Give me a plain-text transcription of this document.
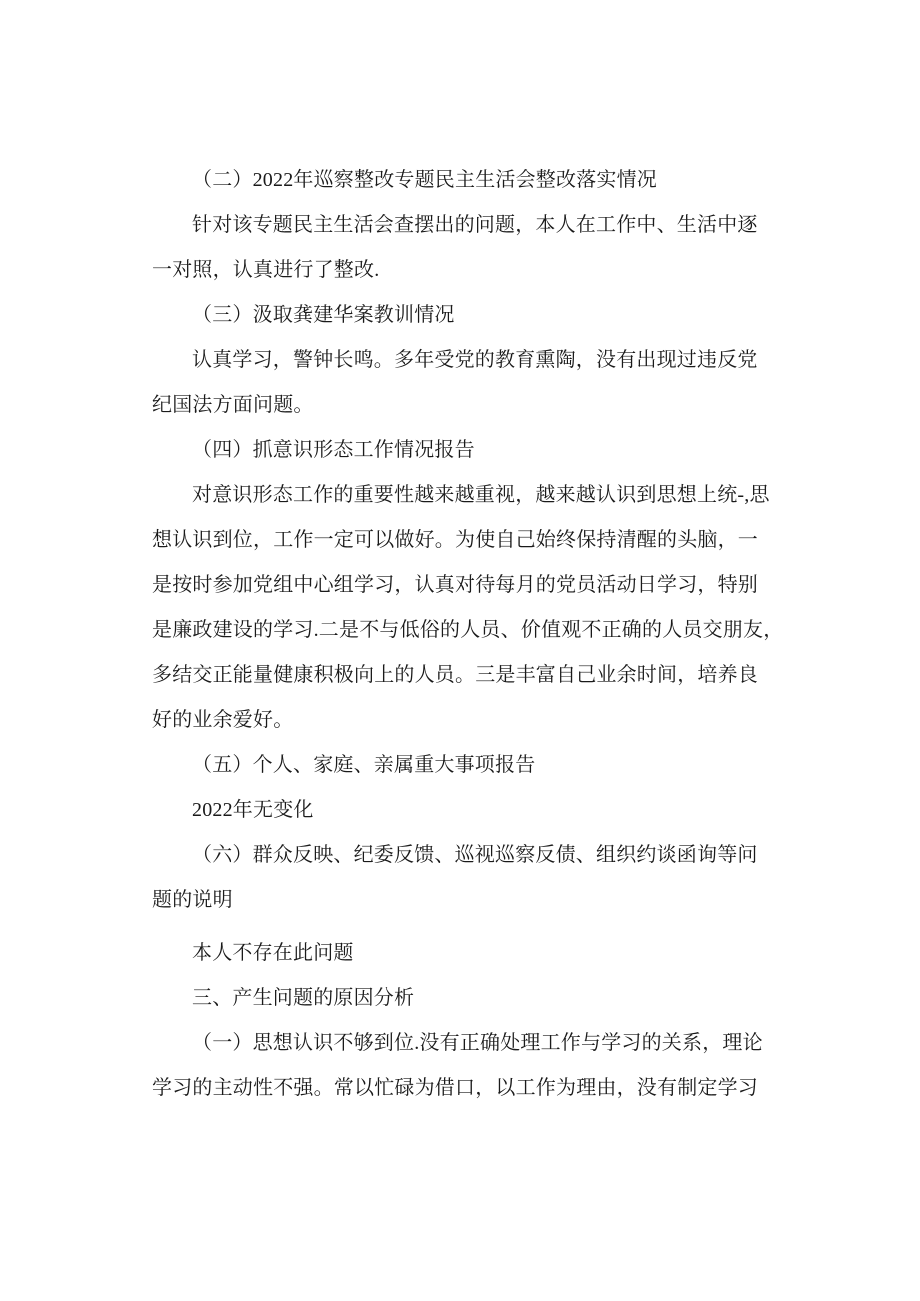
（二）2022年巡察整改专题民主生活会整改落实情况
针对该专题民主生活会查摆出的问题，本人在工作中、生活中逐
一对照，认真进行了整改.
（三）汲取龚建华案教训情况
认真学习，警钟长鸣。多年受党的教育熏陶，没有出现过违反党
纪国法方面问题。
（四）抓意识形态工作情况报告
对意识形态工作的重要性越来越重视，越来越认识到思想上统-,思
想认识到位，工作一定可以做好。为使自己始终保持清醒的头脑，一
是按时参加党组中心组学习，认真对待每月的党员活动日学习，特别
是廉政建设的学习.二是不与低俗的人员、价值观不正确的人员交朋友，
多结交正能量健康积极向上的人员。三是丰富自己业余时间，培养良
好的业余爱好。
（五）个人、家庭、亲属重大事项报告
2022年无变化
（六）群众反映、纪委反馈、巡视巡察反债、组织约谈函询等问
题的说明
本人不存在此问题
三、产生问题的原因分析
（一）思想认识不够到位.没有正确处理工作与学习的关系，理论
学习的主动性不强。常以忙碌为借口，以工作为理由，没有制定学习
